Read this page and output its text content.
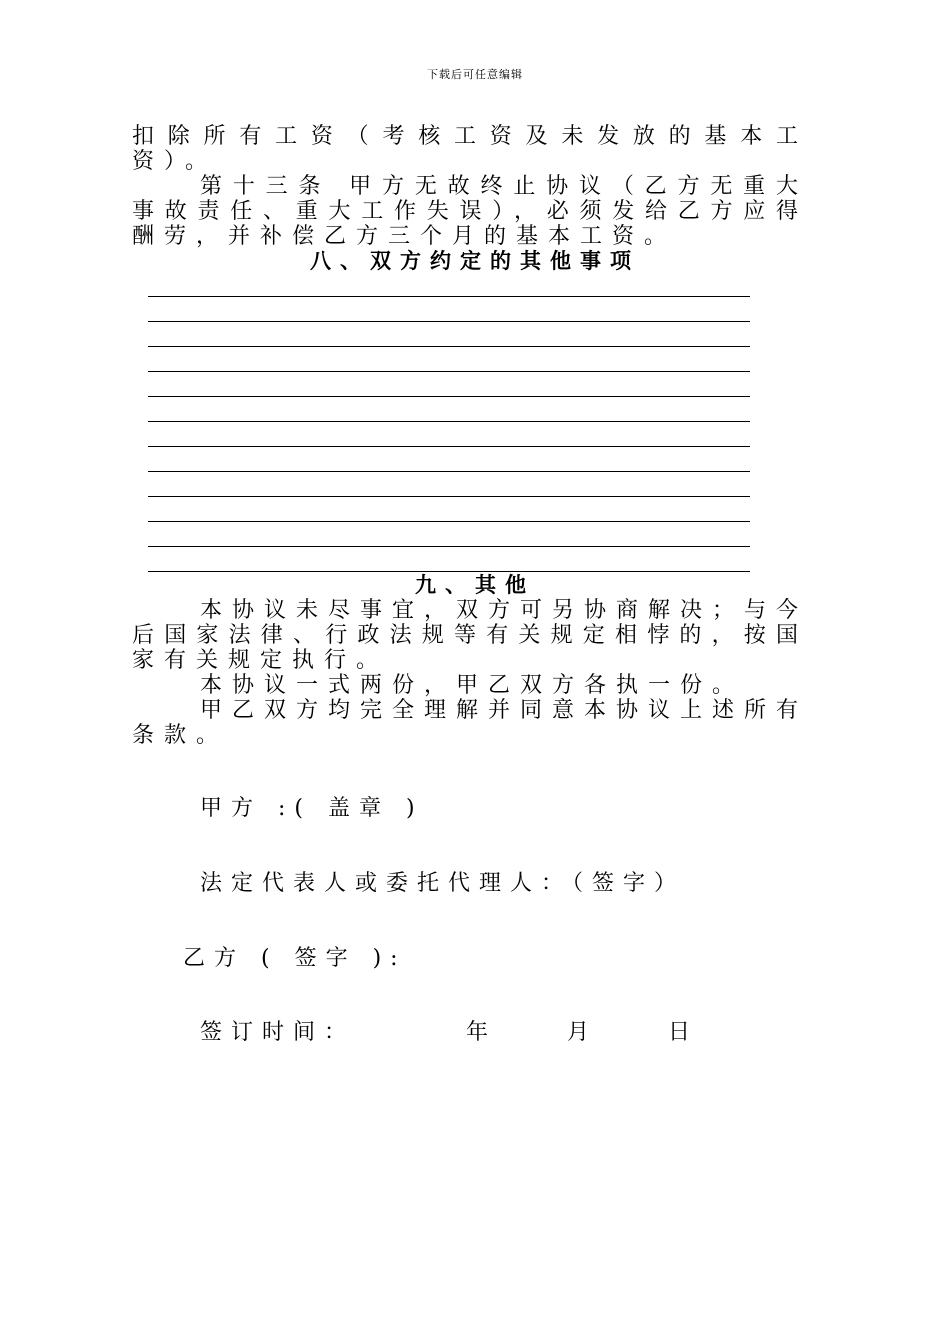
下载后可任意编辑

扣除所有工资（考核工资及未发放的基本工资）。

第十三条 甲方无故终止协议（乙方无重大事故责任、重大工作失误），必须发给乙方应得酬劳，并补偿乙方三个月的基本工资。

八、双方约定的其他事项
九、其他

本协议未尽事宜，双方可另协商解决；与今后国家法律、行政法规等有关规定相悖的，按国家有关规定执行。

本协议一式两份，甲乙双方各执一份。

甲乙双方均完全理解并同意本协议上述所有条款。

甲方 :( 盖章 )
法定代表人或委托代理人：（签字）
乙方 ( 签字 ):
签订时间：	年	月	日
